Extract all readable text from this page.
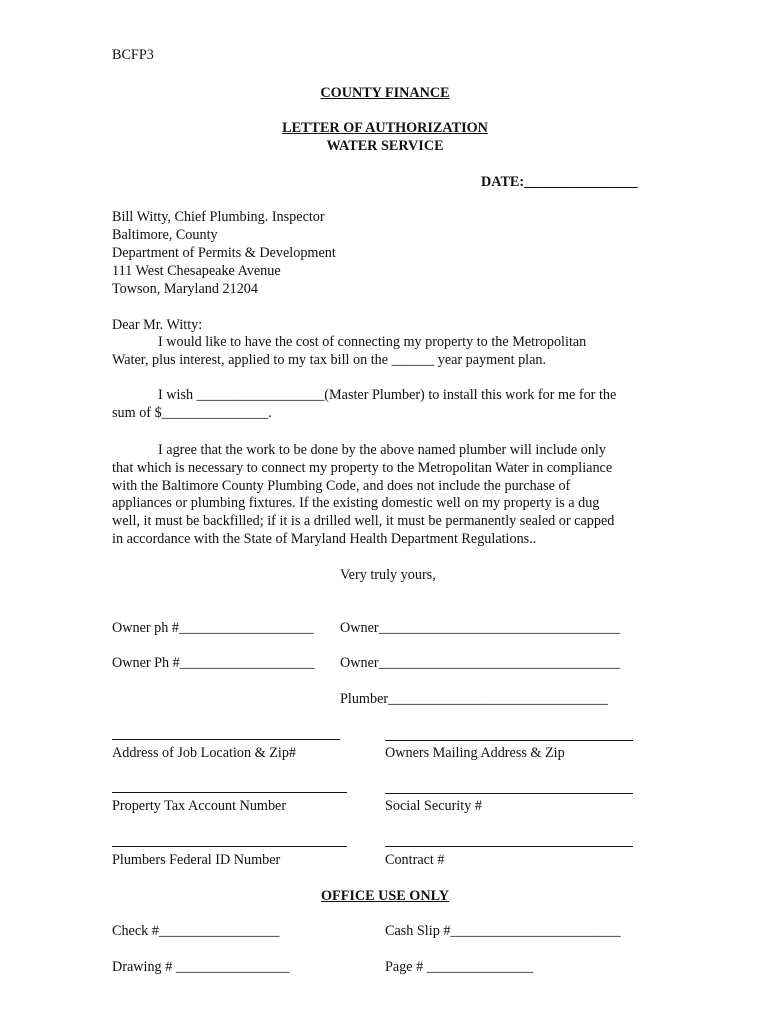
BCFP3
COUNTY FINANCE
LETTER OF AUTHORIZATION
WATER SERVICE
DATE:________________
Bill Witty, Chief Plumbing. Inspector
Baltimore, County
Department of Permits & Development
111 West Chesapeake Avenue
Towson, Maryland 21204
Dear Mr. Witty:
I would like to have the cost of connecting my property to the Metropolitan
Water, plus interest, applied to my tax bill on the ______ year payment plan.
I wish __________________(Master Plumber) to install this work for me for the
sum of $_______________.
I agree that the work to be done by the above named plumber will include only
that which is necessary to connect my property to the Metropolitan Water in compliance
with the Baltimore County Plumbing Code, and does not include the purchase of
appliances or plumbing fixtures. If the existing domestic well on my property is a dug
well, it must be backfilled; if it is a drilled well, it must be permanently sealed or capped
in accordance with the State of Maryland Health Department Regulations..
Very truly yours,
Owner ph #___________________ Owner__________________________________
Owner Ph #___________________ Owner__________________________________
Plumber_______________________________
Address of Job Location & Zip#	Owners Mailing Address & Zip
Property Tax Account Number	Social Security #
Plumbers Federal ID Number	Contract #
OFFICE USE ONLY
Check #_________________	Cash Slip #________________________
Drawing # ________________	Page # _______________
